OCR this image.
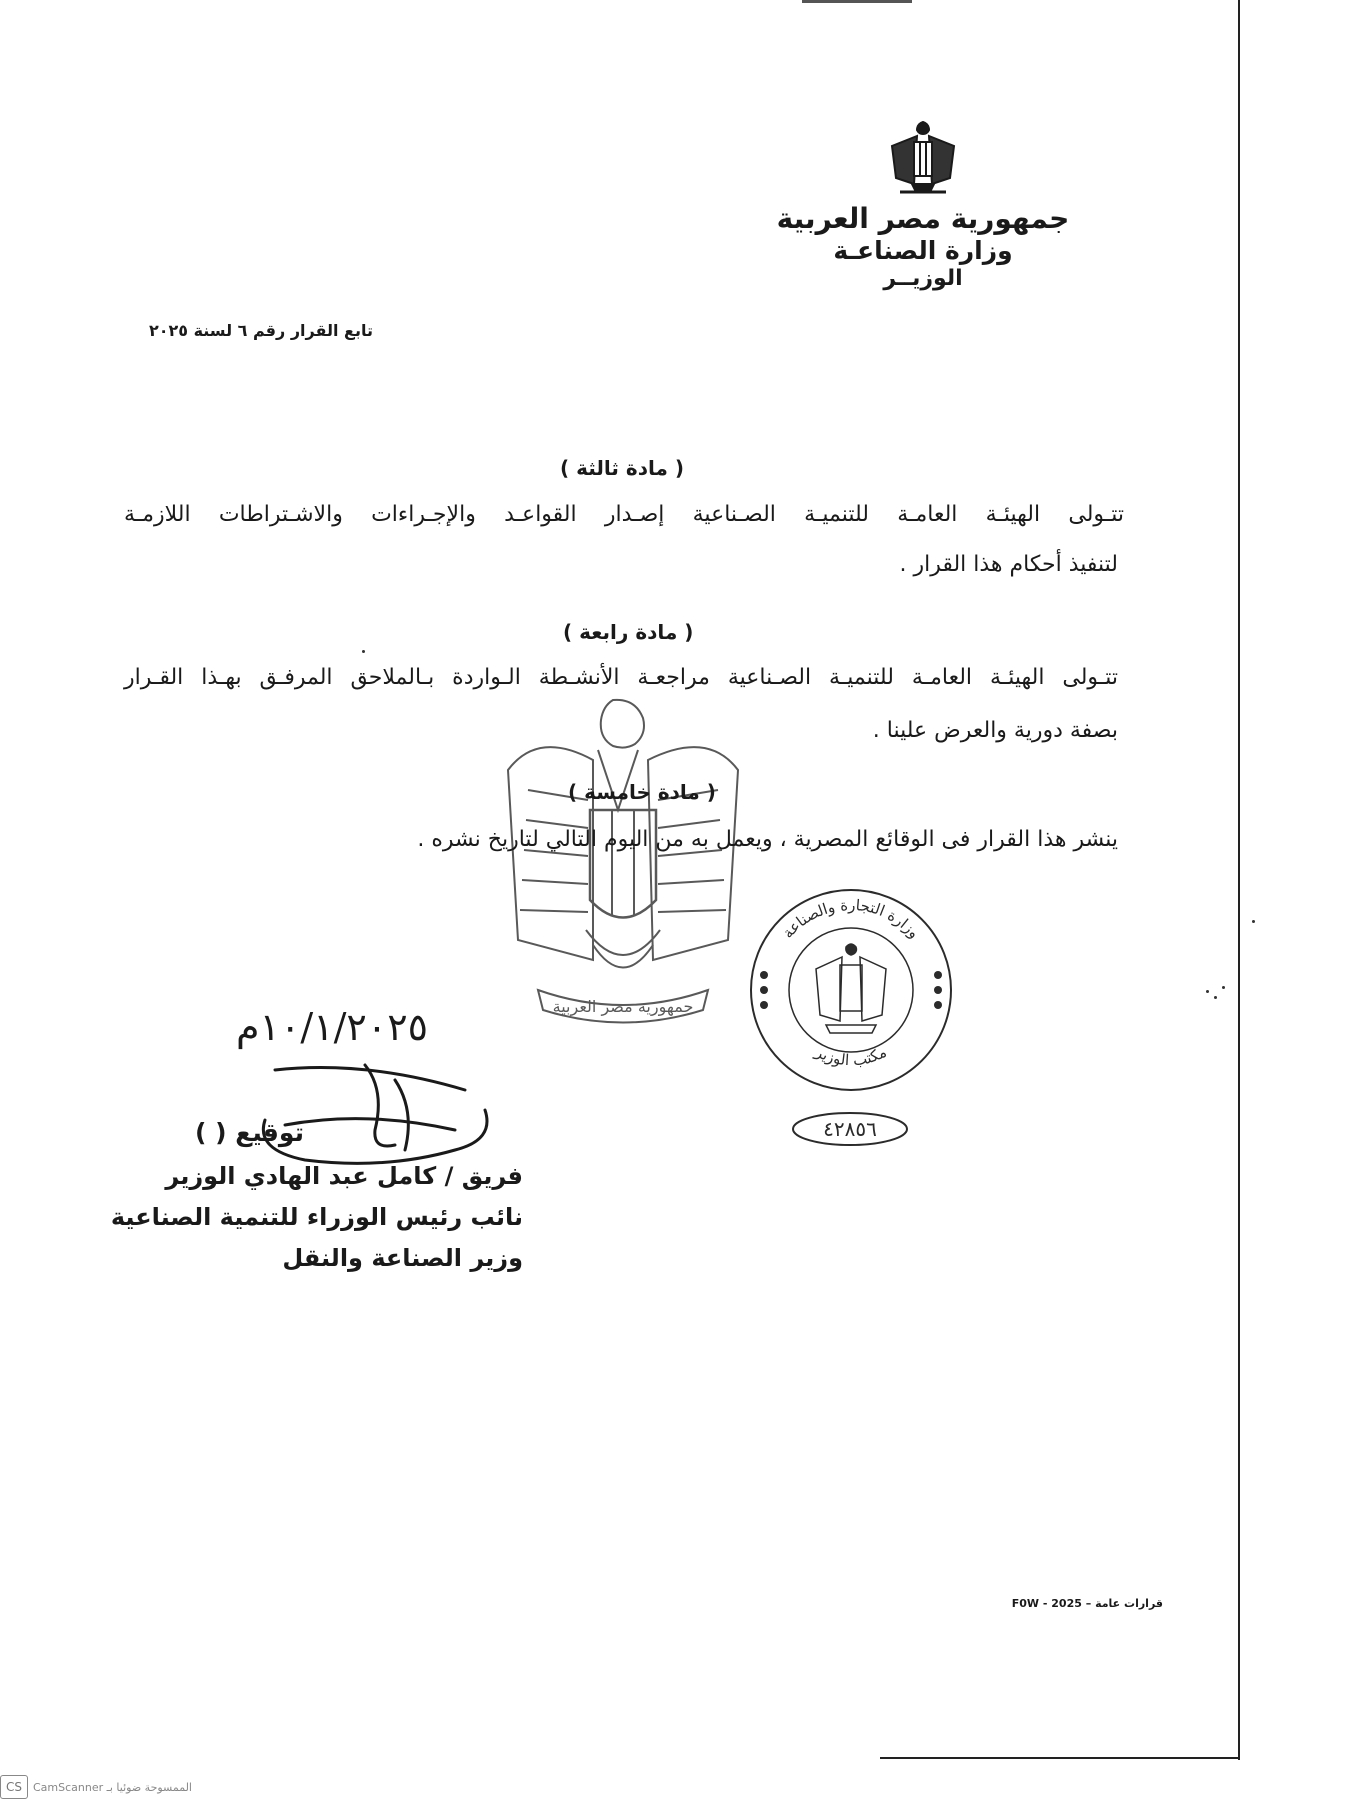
جمهورية مصر العربية
وزارة الصناعـة
الوزيــر
تابع القرار رقم ٦ لسنة ٢٠٢٥
( مادة ثالثة )
تتـولى الهيئـة العامـة للتنميـة الصـناعية إصـدار القواعـد والإجـراءات والاشـتراطات اللازمـة
لتنفيذ أحكام هذا القرار .
( مادة رابعة )
تتـولى الهيئـة العامـة للتنميـة الصـناعية مراجعـة الأنشـطة الـواردة بـالملاحق المرفـق بهـذا القـرار
بصفة دورية والعرض علينا .
جمهورية مصر العربية
( مادة خامسة )
ينشر هذا القرار فى الوقائع المصرية ، ويعمل به من اليوم التالي لتاريخ نشره .
وزارة التجارة والصناعة
مكتب الوزير
٤٢٨٥٦
١٠/١/٢٠٢٥م
توقيع ( )
فريق / كامل عبد الهادي الوزير
نائب رئيس الوزراء للتنمية الصناعية
وزير الصناعة والنقل
قرارات عامة – 2025 - F0W
CS	CamScanner الممسوحة ضوئيا بـ
